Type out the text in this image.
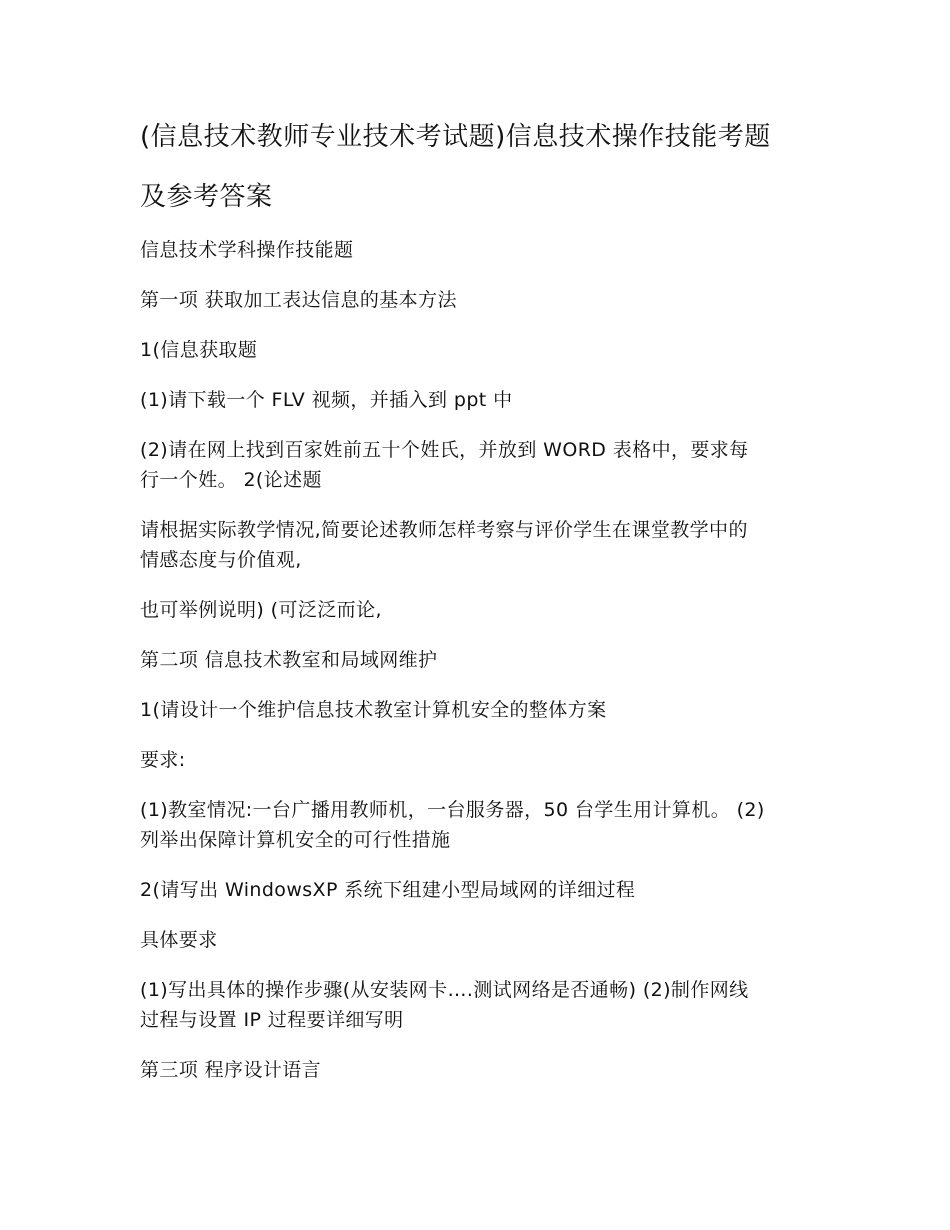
(信息技术教师专业技术考试题)信息技术操作技能考题
及参考答案
信息技术学科操作技能题
第一项 获取加工表达信息的基本方法
1(信息获取题
(1)请下载一个 FLV 视频，并插入到 ppt 中
(2)请在网上找到百家姓前五十个姓氏，并放到 WORD 表格中，要求每
行一个姓。 2(论述题
请根据实际教学情况,简要论述教师怎样考察与评价学生在课堂教学中的
情感态度与价值观,
也可举例说明) (可泛泛而论,
第二项 信息技术教室和局域网维护
1(请设计一个维护信息技术教室计算机安全的整体方案
要求:
(1)教室情况:一台广播用教师机，一台服务器，50 台学生用计算机。 (2)
列举出保障计算机安全的可行性措施
2(请写出 WindowsXP 系统下组建小型局域网的详细过程
具体要求
(1)写出具体的操作步骤(从安装网卡….测试网络是否通畅) (2)制作网线
过程与设置 IP 过程要详细写明
第三项 程序设计语言
